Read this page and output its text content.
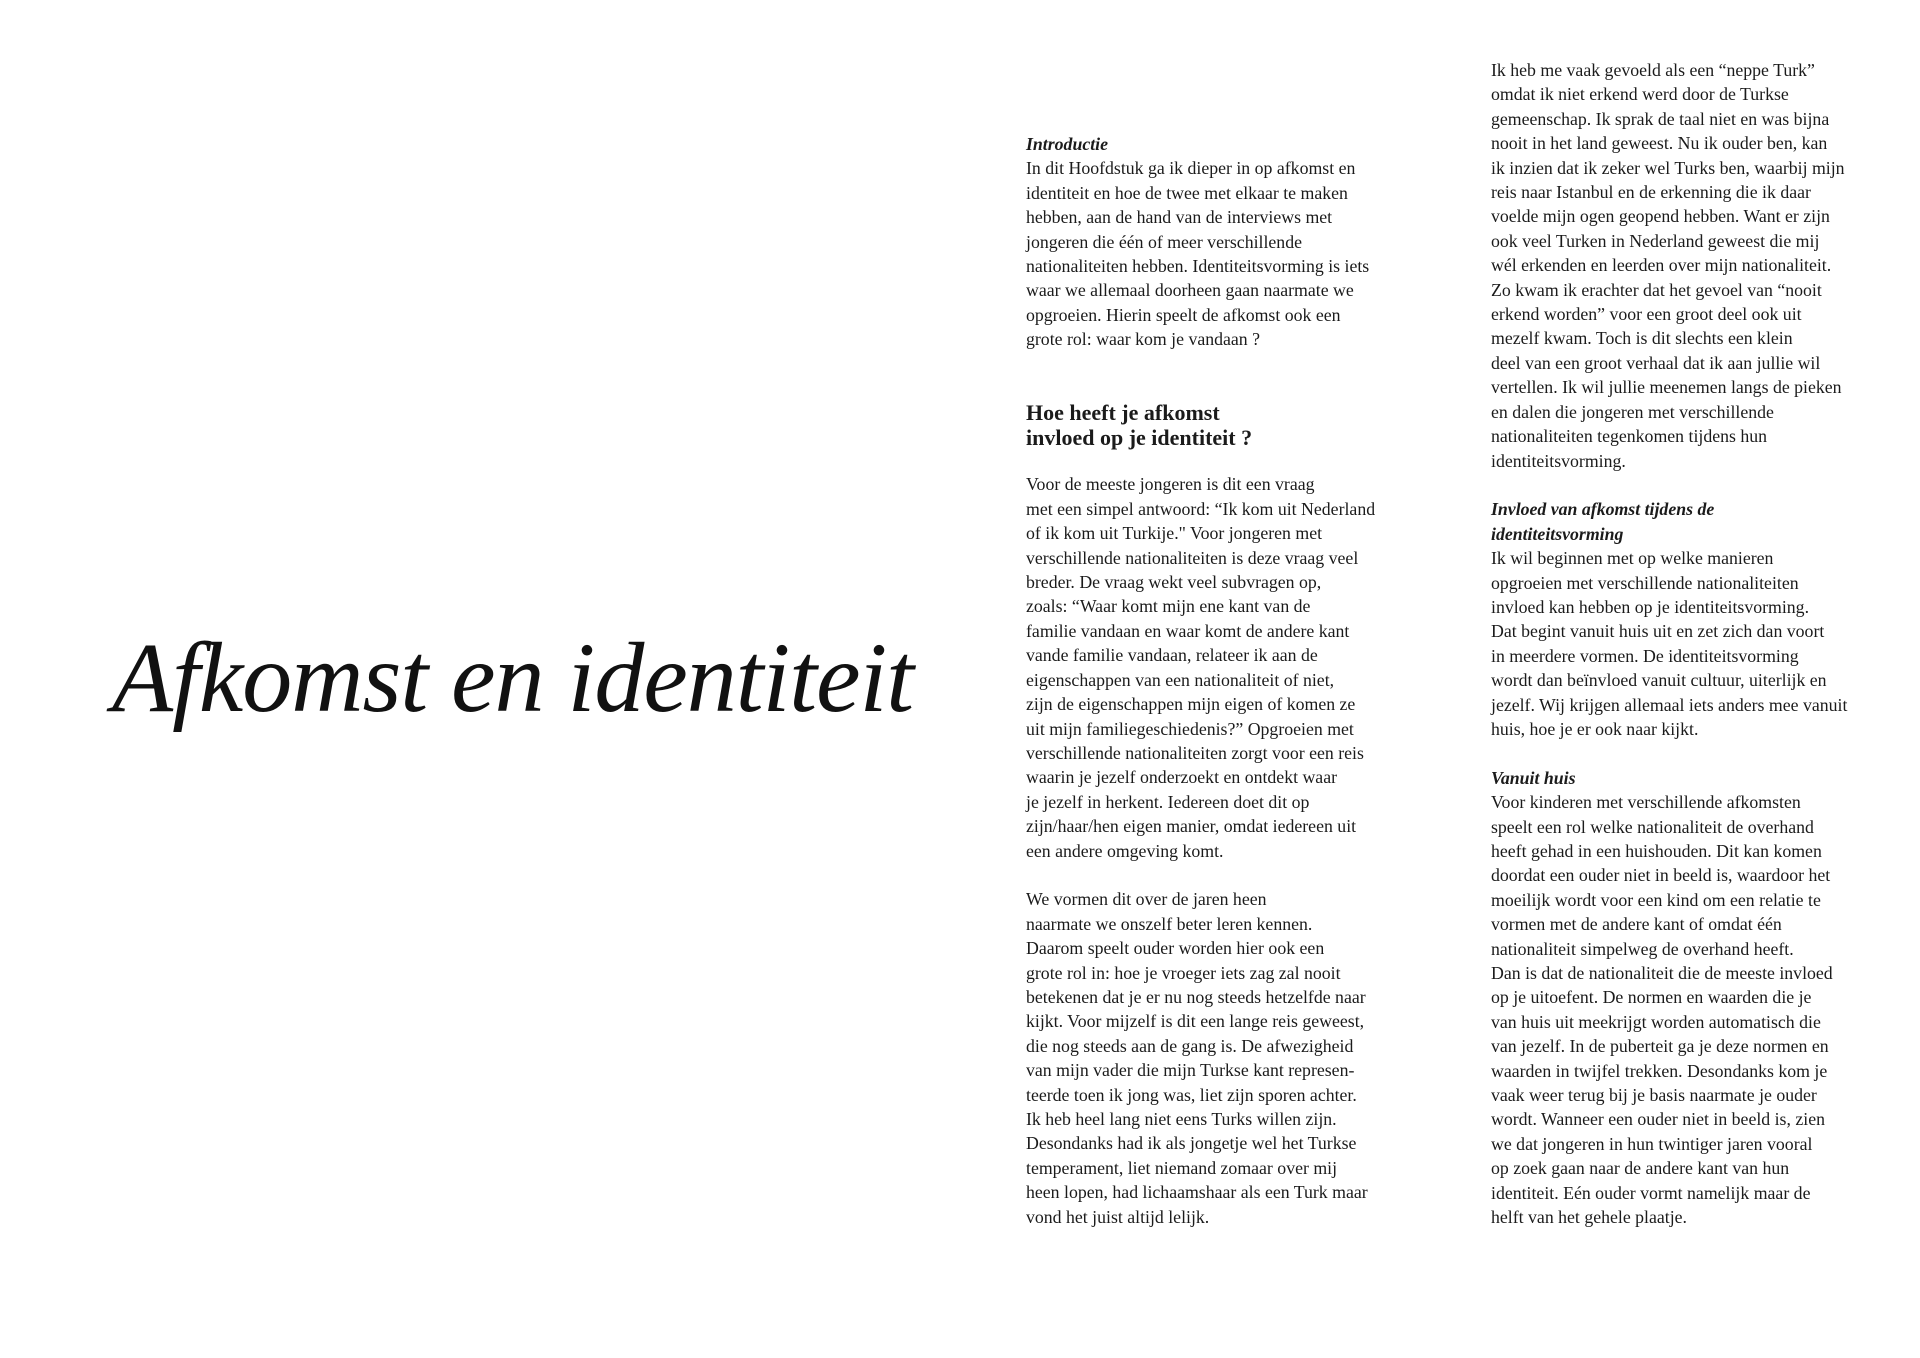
Afkomst en identiteit
Introductie

In dit Hoofdstuk ga ik dieper in op afkomst en
identiteit en hoe de twee met elkaar te maken
hebben, aan de hand van de interviews met
jongeren die één of meer verschillende
nationaliteiten hebben. Identiteitsvorming is iets
waar we allemaal doorheen gaan naarmate we
opgroeien. Hierin speelt de afkomst ook een
grote rol: waar kom je vandaan ?

Hoe heeft je afkomst
invloed op je identiteit ?

Voor de meeste jongeren is dit een vraag
met een simpel antwoord: “Ik kom uit Nederland
of ik kom uit Turkije." Voor jongeren met
verschillende nationaliteiten is deze vraag veel
breder. De vraag wekt veel subvragen op,
zoals: “Waar komt mijn ene kant van de
familie vandaan en waar komt de andere kant
vande familie vandaan, relateer ik aan de
eigenschappen van een nationaliteit of niet,
zijn de eigenschappen mijn eigen of komen ze
uit mijn familiegeschiedenis?” Opgroeien met
verschillende nationaliteiten zorgt voor een reis
waarin je jezelf onderzoekt en ontdekt waar
je jezelf in herkent. Iedereen doet dit op
zijn/haar/hen eigen manier, omdat iedereen uit
een andere omgeving komt.

We vormen dit over de jaren heen
naarmate we onszelf beter leren kennen.
Daarom speelt ouder worden hier ook een
grote rol in: hoe je vroeger iets zag zal nooit
betekenen dat je er nu nog steeds hetzelfde naar
kijkt. Voor mijzelf is dit een lange reis geweest,
die nog steeds aan de gang is. De afwezigheid
van mijn vader die mijn Turkse kant represen-
teerde toen ik jong was, liet zijn sporen achter.
Ik heb heel lang niet eens Turks willen zijn.
Desondanks had ik als jongetje wel het Turkse
temperament, liet niemand zomaar over mij
heen lopen, had lichaamshaar als een Turk maar
vond het juist altijd lelijk.

Ik heb me vaak gevoeld als een “neppe Turk”
omdat ik niet erkend werd door de Turkse
gemeenschap. Ik sprak de taal niet en was bijna
nooit in het land geweest. Nu ik ouder ben, kan
ik inzien dat ik zeker wel Turks ben, waarbij mijn
reis naar Istanbul en de erkenning die ik daar
voelde mijn ogen geopend hebben. Want er zijn
ook veel Turken in Nederland geweest die mij
wél erkenden en leerden over mijn nationaliteit.
Zo kwam ik erachter dat het gevoel van “nooit
erkend worden” voor een groot deel ook uit
mezelf kwam. Toch is dit slechts een klein
deel van een groot verhaal dat ik aan jullie wil
vertellen. Ik wil jullie meenemen langs de pieken
en dalen die jongeren met verschillende
nationaliteiten tegenkomen tijdens hun
identiteitsvorming.

Invloed van afkomst tijdens de
identiteitsvorming

Ik wil beginnen met op welke manieren
opgroeien met verschillende nationaliteiten
invloed kan hebben op je identiteitsvorming.
Dat begint vanuit huis uit en zet zich dan voort
in meerdere vormen. De identiteitsvorming
wordt dan beïnvloed vanuit cultuur, uiterlijk en
jezelf. Wij krijgen allemaal iets anders mee vanuit
huis, hoe je er ook naar kijkt.

Vanuit huis

Voor kinderen met verschillende afkomsten
speelt een rol welke nationaliteit de overhand
heeft gehad in een huishouden. Dit kan komen
doordat een ouder niet in beeld is, waardoor het
moeilijk wordt voor een kind om een relatie te
vormen met de andere kant of omdat één
nationaliteit simpelweg de overhand heeft.
Dan is dat de nationaliteit die de meeste invloed
op je uitoefent. De normen en waarden die je
van huis uit meekrijgt worden automatisch die
van jezelf. In de puberteit ga je deze normen en
waarden in twijfel trekken. Desondanks kom je
vaak weer terug bij je basis naarmate je ouder
wordt. Wanneer een ouder niet in beeld is, zien
we dat jongeren in hun twintiger jaren vooral
op zoek gaan naar de andere kant van hun
identiteit. Eén ouder vormt namelijk maar de
helft van het gehele plaatje.
